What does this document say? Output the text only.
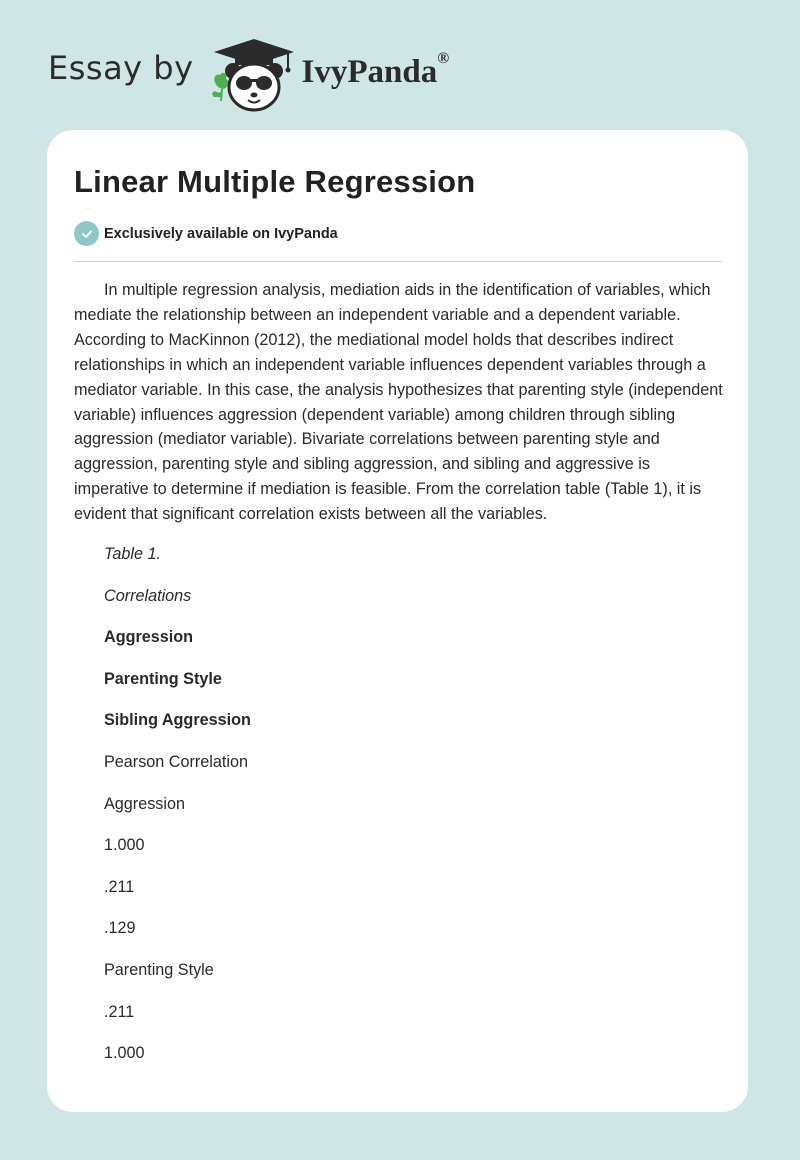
Essay by	IvyPanda®
Linear Multiple Regression
Exclusively available on IvyPanda

In multiple regression analysis, mediation aids in the identification of variables, which mediate the relationship between an independent variable and a dependent variable. According to MacKinnon (2012), the mediational model holds that describes indirect relationships in which an independent variable influences dependent variables through a mediator variable. In this case, the analysis hypothesizes that parenting style (independent variable) influences aggression (dependent variable) among children through sibling aggression (mediator variable). Bivariate correlations between parenting style and aggression, parenting style and sibling aggression, and sibling and aggressive is imperative to determine if mediation is feasible. From the correlation table (Table 1), it is evident that significant correlation exists between all the variables.

Table 1.
Correlations
Aggression
Parenting Style
Sibling Aggression
Pearson Correlation
Aggression
1.000
.211
.129
Parenting Style
.211
1.000
